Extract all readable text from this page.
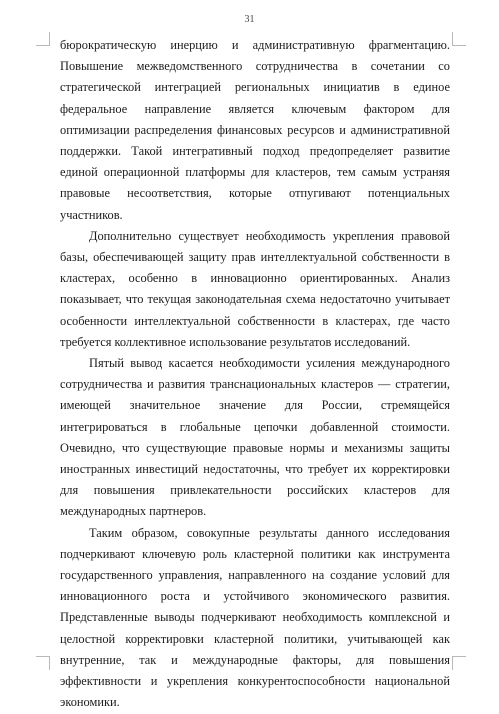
31

бюрократическую инерцию и административную фрагментацию. Повышение межведомственного сотрудничества в сочетании со стратегической интеграцией региональных инициатив в единое федеральное направление является ключевым фактором для оптимизации распределения финансовых ресурсов и административной поддержки. Такой интегративный подход предопределяет развитие единой операционной платформы для кластеров, тем самым устраняя правовые несоответствия, которые отпугивают потенциальных участников.

Дополнительно существует необходимость укрепления правовой базы, обеспечивающей защиту прав интеллектуальной собственности в кластерах, особенно в инновационно ориентированных. Анализ показывает, что текущая законодательная схема недостаточно учитывает особенности интеллектуальной собственности в кластерах, где часто требуется коллективное использование результатов исследований.

Пятый вывод касается необходимости усиления международного сотрудничества и развития транснациональных кластеров — стратегии, имеющей значительное значение для России, стремящейся интегрироваться в глобальные цепочки добавленной стоимости. Очевидно, что существующие правовые нормы и механизмы защиты иностранных инвестиций недостаточны, что требует их корректировки для повышения привлекательности российских кластеров для международных партнеров.

Таким образом, совокупные результаты данного исследования подчеркивают ключевую роль кластерной политики как инструмента государственного управления, направленного на создание условий для инновационного роста и устойчивого экономического развития. Представленные выводы подчеркивают необходимость комплексной и целостной корректировки кластерной политики, учитывающей как внутренние, так и международные факторы, для повышения эффективности и укрепления конкурентоспособности национальной экономики.
